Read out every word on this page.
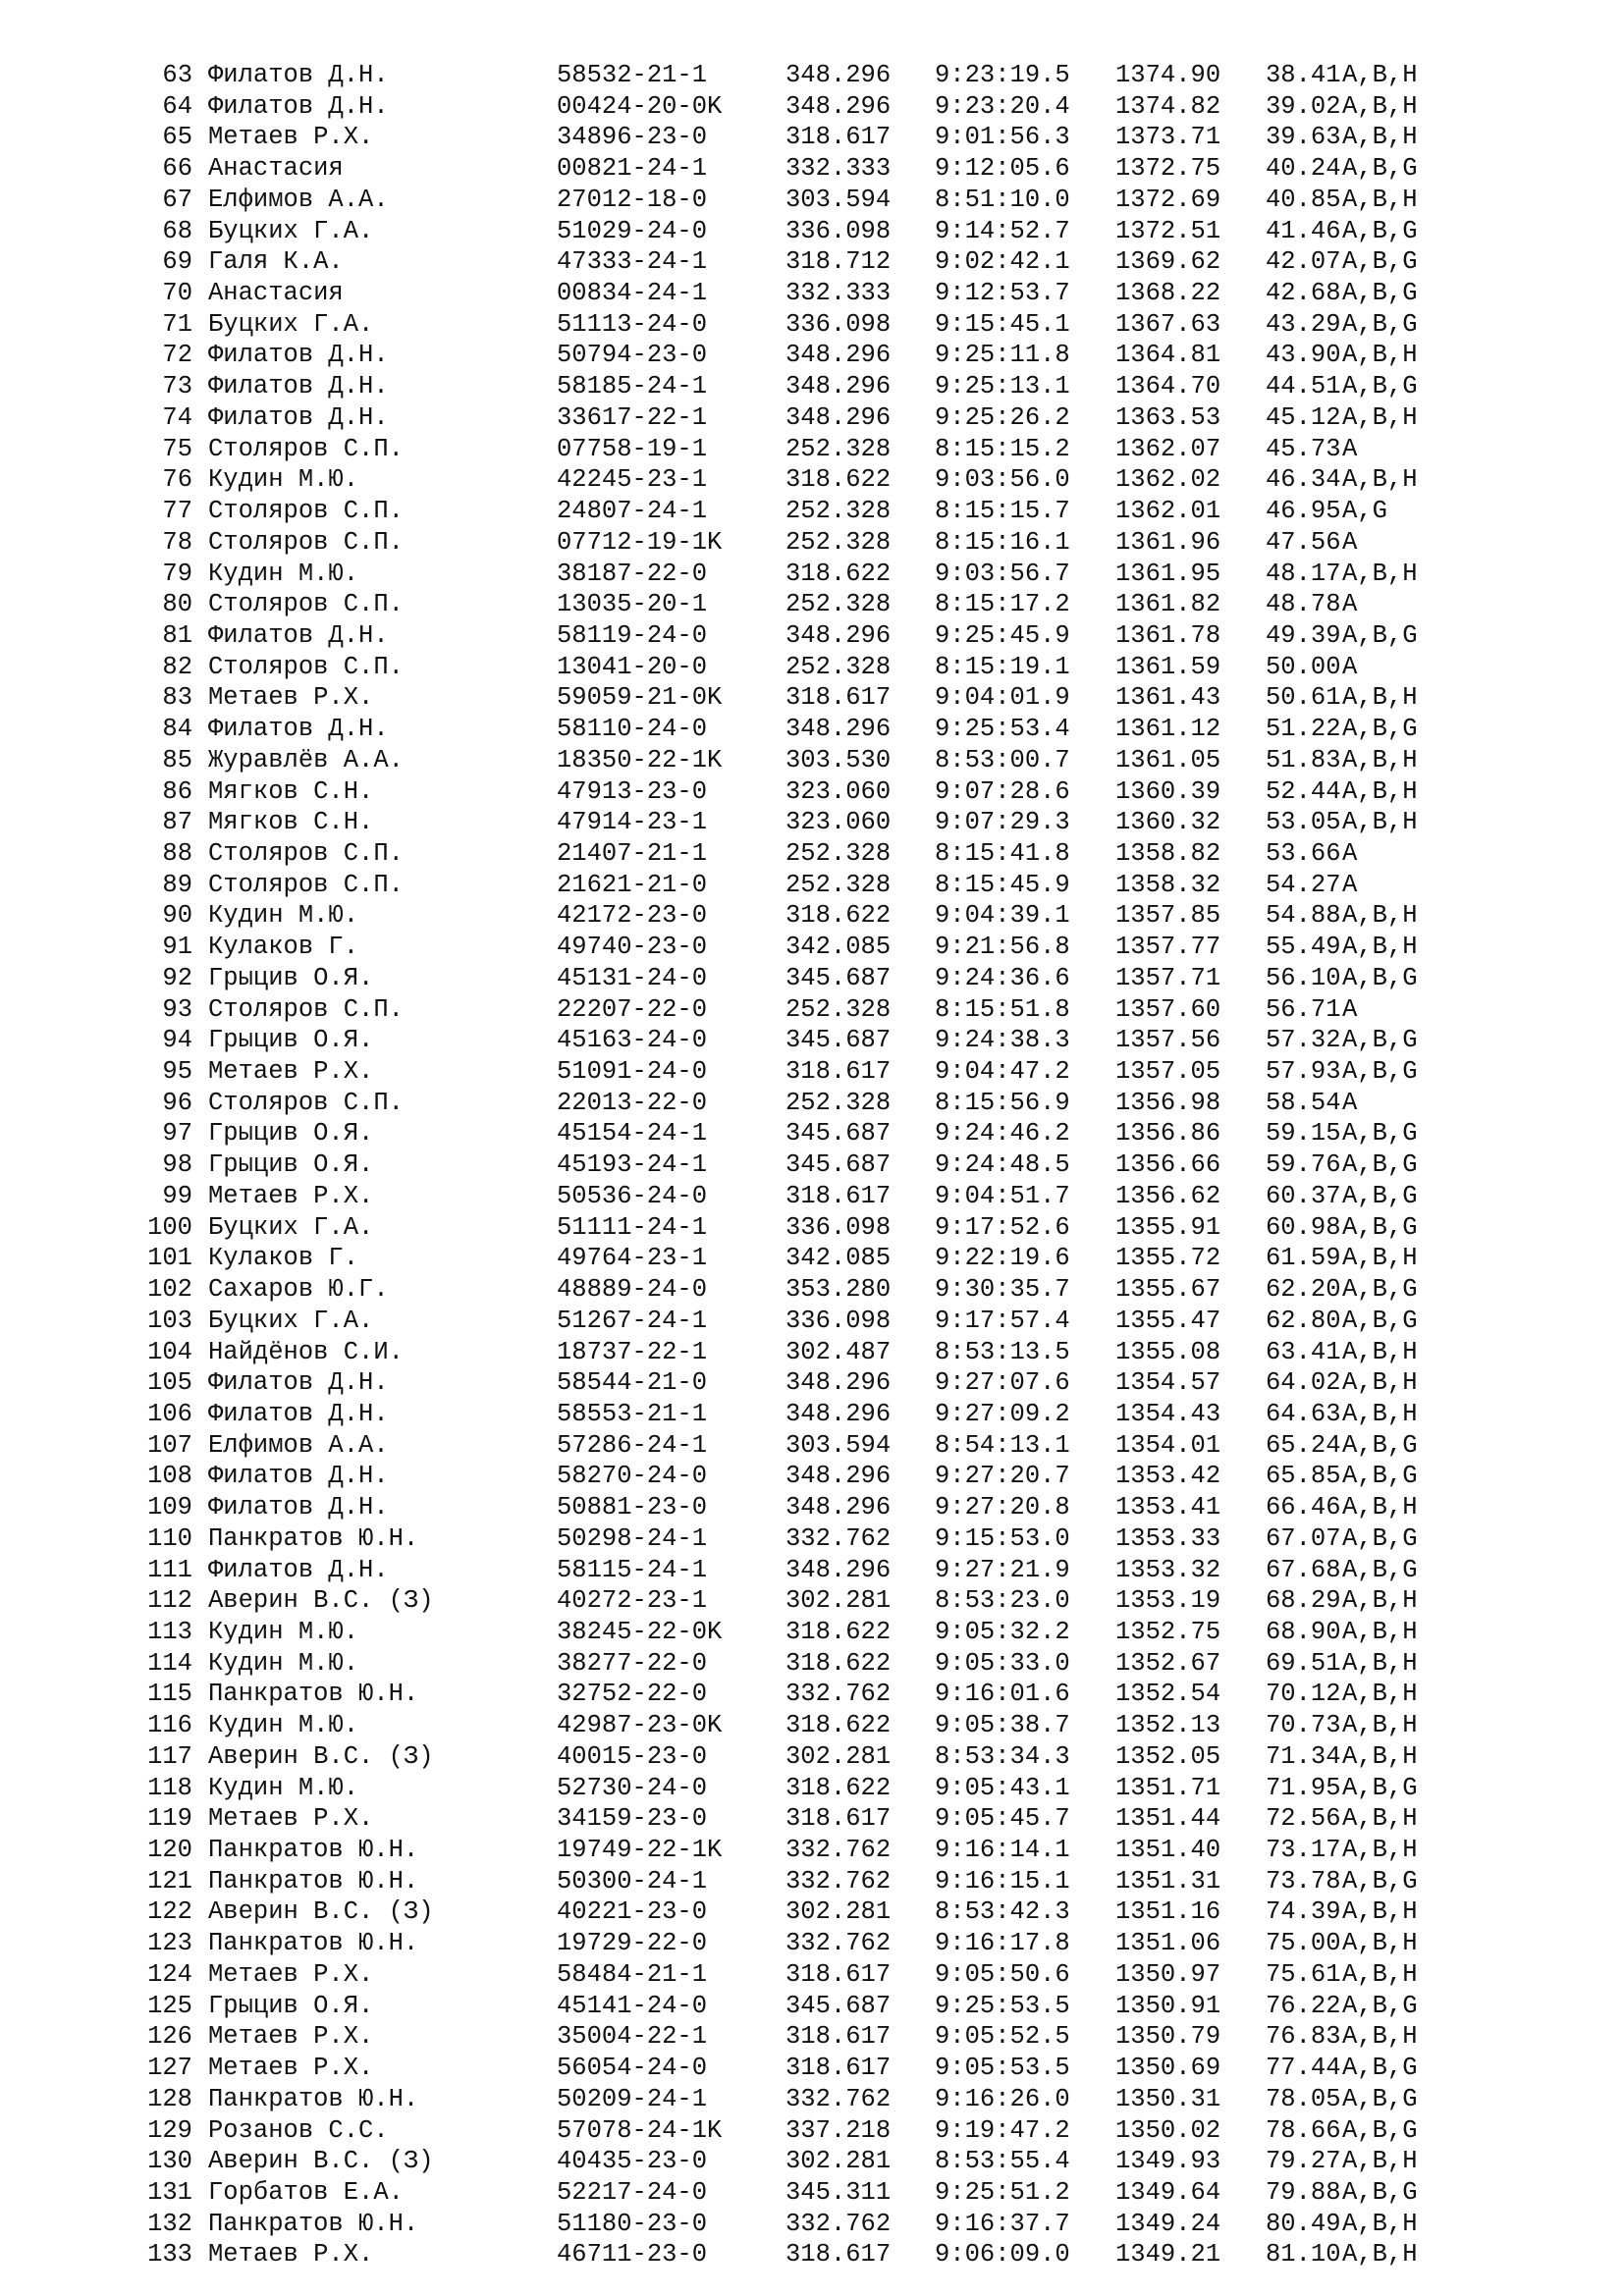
63 Филатов Д.Н.	58532-21-1	348.296 9:23:19.5 1374.90 38.41 A,B,H
64 Филатов Д.Н.	00424-20-0K	348.296 9:23:20.4 1374.82 39.02 A,B,H
65 Метаев Р.Х.	34896-23-0	318.617 9:01:56.3 1373.71 39.63 A,B,H
66 Анастасия	00821-24-1	332.333 9:12:05.6 1372.75 40.24 A,B,G
67 Елфимов А.А.	27012-18-0	303.594 8:51:10.0 1372.69 40.85 A,B,H
68 Буцких Г.А.	51029-24-0	336.098 9:14:52.7 1372.51 41.46 A,B,G
69 Галя К.А.	47333-24-1	318.712 9:02:42.1 1369.62 42.07 A,B,G
70 Анастасия	00834-24-1	332.333 9:12:53.7 1368.22 42.68 A,B,G
71 Буцких Г.А.	51113-24-0	336.098 9:15:45.1 1367.63 43.29 A,B,G
72 Филатов Д.Н.	50794-23-0	348.296 9:25:11.8 1364.81 43.90 A,B,H
73 Филатов Д.Н.	58185-24-1	348.296 9:25:13.1 1364.70 44.51 A,B,G
74 Филатов Д.Н.	33617-22-1	348.296 9:25:26.2 1363.53 45.12 A,B,H
75 Столяров С.П.	07758-19-1	252.328 8:15:15.2 1362.07 45.73 A
76 Кудин М.Ю.	42245-23-1	318.622 9:03:56.0 1362.02 46.34 A,B,H
77 Столяров С.П.	24807-24-1	252.328 8:15:15.7 1362.01 46.95 A,G
78 Столяров С.П.	07712-19-1K	252.328 8:15:16.1 1361.96 47.56 A
79 Кудин М.Ю.	38187-22-0	318.622 9:03:56.7 1361.95 48.17 A,B,H
80 Столяров С.П.	13035-20-1	252.328 8:15:17.2 1361.82 48.78 A
81 Филатов Д.Н.	58119-24-0	348.296 9:25:45.9 1361.78 49.39 A,B,G
82 Столяров С.П.	13041-20-0	252.328 8:15:19.1 1361.59 50.00 A
83 Метаев Р.Х.	59059-21-0K	318.617 9:04:01.9 1361.43 50.61 A,B,H
84 Филатов Д.Н.	58110-24-0	348.296 9:25:53.4 1361.12 51.22 A,B,G
85 Журавлёв А.А.	18350-22-1K	303.530 8:53:00.7 1361.05 51.83 A,B,H
86 Мягков С.Н.	47913-23-0	323.060 9:07:28.6 1360.39 52.44 A,B,H
87 Мягков С.Н.	47914-23-1	323.060 9:07:29.3 1360.32 53.05 A,B,H
88 Столяров С.П.	21407-21-1	252.328 8:15:41.8 1358.82 53.66 A
89 Столяров С.П.	21621-21-0	252.328 8:15:45.9 1358.32 54.27 A
90 Кудин М.Ю.	42172-23-0	318.622 9:04:39.1 1357.85 54.88 A,B,H
91 Кулаков Г.	49740-23-0	342.085 9:21:56.8 1357.77 55.49 A,B,H
92 Грыцив О.Я.	45131-24-0	345.687 9:24:36.6 1357.71 56.10 A,B,G
93 Столяров С.П.	22207-22-0	252.328 8:15:51.8 1357.60 56.71 A
94 Грыцив О.Я.	45163-24-0	345.687 9:24:38.3 1357.56 57.32 A,B,G
95 Метаев Р.Х.	51091-24-0	318.617 9:04:47.2 1357.05 57.93 A,B,G
96 Столяров С.П.	22013-22-0	252.328 8:15:56.9 1356.98 58.54 A
97 Грыцив О.Я.	45154-24-1	345.687 9:24:46.2 1356.86 59.15 A,B,G
98 Грыцив О.Я.	45193-24-1	345.687 9:24:48.5 1356.66 59.76 A,B,G
99 Метаев Р.Х.	50536-24-0	318.617 9:04:51.7 1356.62 60.37 A,B,G
100 Буцких Г.А.	51111-24-1	336.098 9:17:52.6 1355.91 60.98 A,B,G
101 Кулаков Г.	49764-23-1	342.085 9:22:19.6 1355.72 61.59 A,B,H
102 Сахаров Ю.Г.	48889-24-0	353.280 9:30:35.7 1355.67 62.20 A,B,G
103 Буцких Г.А.	51267-24-1	336.098 9:17:57.4 1355.47 62.80 A,B,G
104 Найдёнов С.И.	18737-22-1	302.487 8:53:13.5 1355.08 63.41 A,B,H
105 Филатов Д.Н.	58544-21-0	348.296 9:27:07.6 1354.57 64.02 A,B,H
106 Филатов Д.Н.	58553-21-1	348.296 9:27:09.2 1354.43 64.63 A,B,H
107 Елфимов А.А.	57286-24-1	303.594 8:54:13.1 1354.01 65.24 A,B,G
108 Филатов Д.Н.	58270-24-0	348.296 9:27:20.7 1353.42 65.85 A,B,G
109 Филатов Д.Н.	50881-23-0	348.296 9:27:20.8 1353.41 66.46 A,B,H
110 Панкратов Ю.Н.	50298-24-1	332.762 9:15:53.0 1353.33 67.07 A,B,G
111 Филатов Д.Н.	58115-24-1	348.296 9:27:21.9 1353.32 67.68 A,B,G
112 Аверин В.С. (З)	40272-23-1	302.281 8:53:23.0 1353.19 68.29 A,B,H
113 Кудин М.Ю.	38245-22-0K	318.622 9:05:32.2 1352.75 68.90 A,B,H
114 Кудин М.Ю.	38277-22-0	318.622 9:05:33.0 1352.67 69.51 A,B,H
115 Панкратов Ю.Н.	32752-22-0	332.762 9:16:01.6 1352.54 70.12 A,B,H
116 Кудин М.Ю.	42987-23-0K	318.622 9:05:38.7 1352.13 70.73 A,B,H
117 Аверин В.С. (З)	40015-23-0	302.281 8:53:34.3 1352.05 71.34 A,B,H
118 Кудин М.Ю.	52730-24-0	318.622 9:05:43.1 1351.71 71.95 A,B,G
119 Метаев Р.Х.	34159-23-0	318.617 9:05:45.7 1351.44 72.56 A,B,H
120 Панкратов Ю.Н.	19749-22-1K	332.762 9:16:14.1 1351.40 73.17 A,B,H
121 Панкратов Ю.Н.	50300-24-1	332.762 9:16:15.1 1351.31 73.78 A,B,G
122 Аверин В.С. (З)	40221-23-0	302.281 8:53:42.3 1351.16 74.39 A,B,H
123 Панкратов Ю.Н.	19729-22-0	332.762 9:16:17.8 1351.06 75.00 A,B,H
124 Метаев Р.Х.	58484-21-1	318.617 9:05:50.6 1350.97 75.61 A,B,H
125 Грыцив О.Я.	45141-24-0	345.687 9:25:53.5 1350.91 76.22 A,B,G
126 Метаев Р.Х.	35004-22-1	318.617 9:05:52.5 1350.79 76.83 A,B,H
127 Метаев Р.Х.	56054-24-0	318.617 9:05:53.5 1350.69 77.44 A,B,G
128 Панкратов Ю.Н.	50209-24-1	332.762 9:16:26.0 1350.31 78.05 A,B,G
129 Розанов С.С.	57078-24-1K	337.218 9:19:47.2 1350.02 78.66 A,B,G
130 Аверин В.С. (З)	40435-23-0	302.281 8:53:55.4 1349.93 79.27 A,B,H
131 Горбатов Е.А.	52217-24-0	345.311 9:25:51.2 1349.64 79.88 A,B,G
132 Панкратов Ю.Н.	51180-23-0	332.762 9:16:37.7 1349.24 80.49 A,B,H
133 Метаев Р.Х.	46711-23-0	318.617 9:06:09.0 1349.21 81.10 A,B,H
